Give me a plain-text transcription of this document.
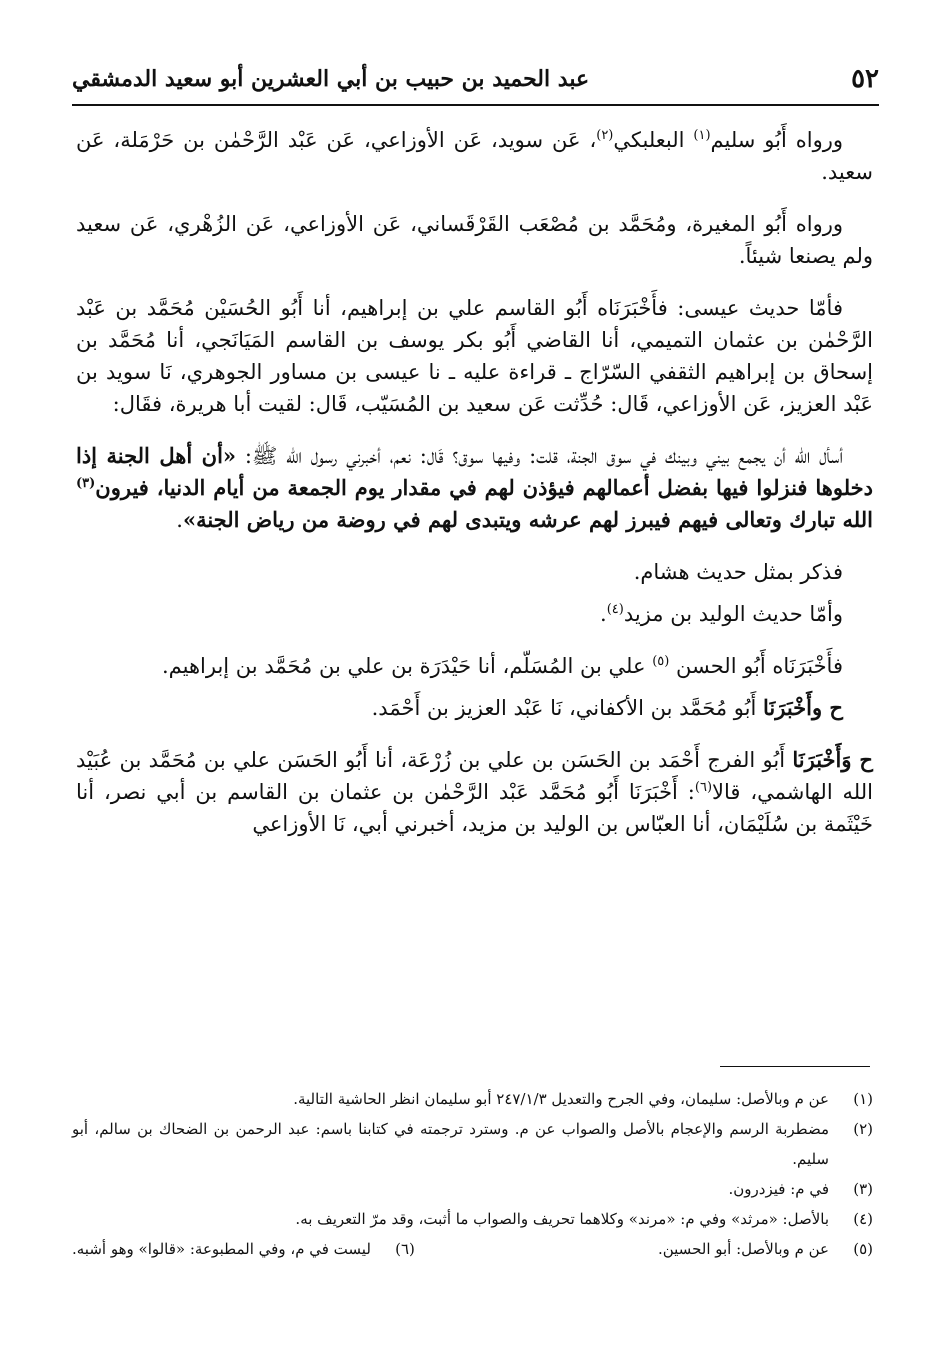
٥٢
عبد الحميد بن حبيب بن أبي العشرين أبو سعيد الدمشقي

ورواه أَبُو سليم$^{(١)}$ البعلبكي$^{(٢)}$، عَن سويد، عَن الأوزاعي، عَن عَبْد الرَّحْمٰن بن حَرْمَلة، عَن سعيد.

ورواه أَبُو المغيرة، ومُحَمَّد بن مُصْعَب القَرْقَساني، عَن الأوزاعي، عَن الزُهْري، عَن سعيد ولم يصنعا شيئاً.

فأمّا حديث عيسى: فأَخْبَرَنَاه أَبُو القاسم علي بن إبراهيم، أنا أَبُو الحُسَيْن مُحَمَّد بن عَبْد الرَّحْمٰن بن عثمان التميمي، أنا القاضي أَبُو بكر يوسف بن القاسم المَيَانَجي، أنا مُحَمَّد بن إسحاق بن إبراهيم الثقفي السّرّاج ـ قراءة عليه ـ نا عيسى بن مساور الجوهري، نَا سويد بن عَبْد العزيز، عَن الأوزاعي، قَال: حُدِّثت عَن سعيد بن المُسَيّب، قَال: لقيت أبا هريرة، فقَال:

أسأل الله أن يجمع بيني وبينك في سوق الجنة، قلت: وفيها سوق؟ قَال: نعم، أخبرني رسول الله ﷺ: «أن أهل الجنة إذا دخلوها فنزلوا فيها بفضل أعمالهم فيؤذن لهم في مقدار يوم الجمعة من أيام الدنيا، فيرون$^{(٣)}$ الله تبارك وتعالى فيهم فيبرز لهم عرشه ويتبدى لهم في روضة من رياض الجنة».

فذكر بمثل حديث هشام.

وأمّا حديث الوليد بن مزيد$^{(٤)}$.

فأَخْبَرَنَاه أَبُو الحسن $^{(٥)}$ علي بن المُسَلّم، أنا حَيْدَرَة بن علي بن مُحَمَّد بن إبراهيم.

ح وأَخْبَرَنَا أَبُو مُحَمَّد بن الأكفاني، نَا عَبْد العزيز بن أَحْمَد.

ح وَأَخْبَرَنَا أَبُو الفرج أَحْمَد بن الحَسَن بن علي بن زُرْعَة، أنا أَبُو الحَسَن علي بن مُحَمَّد بن عُبَيْد الله الهاشمي، قالا$^{(٦)}$: أَخْبَرَنَا أَبُو مُحَمَّد عَبْد الرَّحْمٰن بن عثمان بن القاسم بن أبي نصر، أنا خَيْثَمة بن سُلَيْمَان، أنا العبّاس بن الوليد بن مزيد، أخبرني أبي، نَا الأوزاعي

(١)
عن م وبالأصل: سليمان، وفي الجرح والتعديل ٢٤٧/١/٣ أبو سليمان انظر الحاشية التالية.
(٢)
مضطربة الرسم والإعجام بالأصل والصواب عن م. وسترد ترجمته في كتابنا باسم: عبد الرحمن بن الضحاك بن سالم، أبو سليم.
(٣)
في م: فيزدرون.
(٤)
بالأصل: «مرثد» وفي م: «مرند» وكلاهما تحريف والصواب ما أثبت، وقد مرّ التعريف به.
(٥)
عن م وبالأصل: أبو الحسين.
(٦)
ليست في م، وفي المطبوعة: «قالوا» وهو أشبه.
